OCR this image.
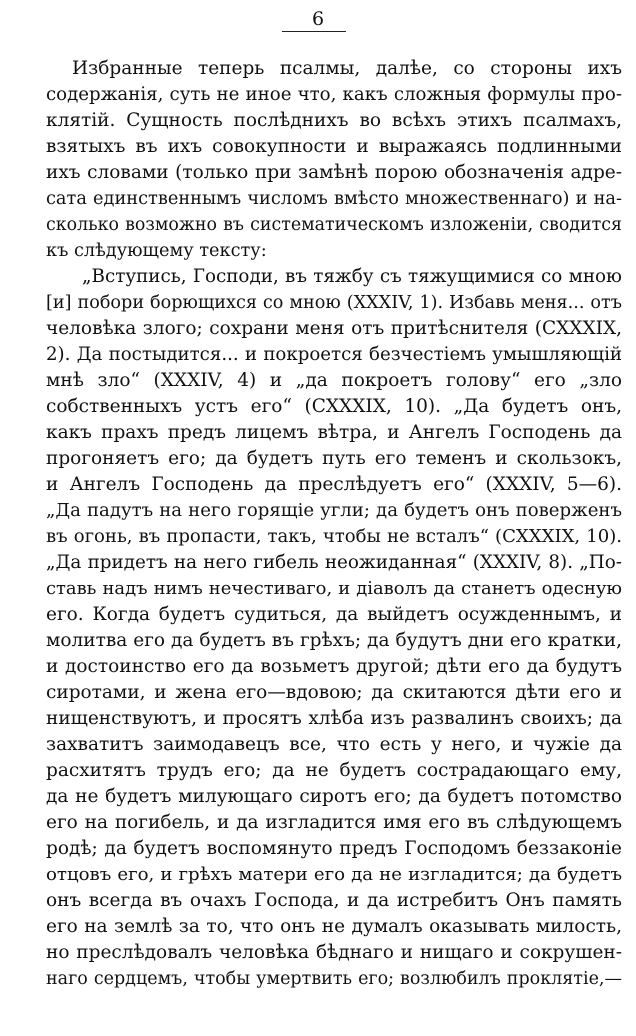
6
Избранные теперь псалмы, далѣе, со стороны ихъ
содержанія, суть не иное что, какъ сложныя формулы про-
клятій. Сущность послѣднихъ во всѣхъ этихъ псалмахъ,
взятыхъ въ ихъ совокупности и выражаясь подлинными
ихъ словами (только при замѣнѣ порою обозначенія адре-
сата единственнымъ числомъ вмѣсто множественнаго) и на-
сколько возможно въ систематическомъ изложеніи, сводится
къ слѣдующему тексту:
„Вступись, Господи, въ тяжбу съ тяжущимися со мною
[и] побори борющихся со мною (XXXIV, 1). Избавь меня... отъ
человѣка злого; сохрани меня отъ притѣснителя (CXXXIX,
2). Да постыдится... и покроется безчестіемъ умышляющій
мнѣ зло“ (XXXIV, 4) и „да покроетъ голову“ его „зло
собственныхъ устъ его“ (CXXXIX, 10). „Да будетъ онъ,
какъ прахъ предъ лицемъ вѣтра, и Ангелъ Господень да
прогоняетъ его; да будетъ путь его теменъ и скользокъ,
и Ангелъ Господень да преслѣдуетъ его“ (XXXIV, 5—6).
„Да падутъ на него горящіе угли; да будетъ онъ поверженъ
въ огонь, въ пропасти, такъ, чтобы не всталъ“ (CXXXIX, 10).
„Да придетъ на него гибель неожиданная“ (XXXIV, 8). „По-
ставь надъ нимъ нечестиваго, и діаволъ да станетъ одесную
его. Когда будетъ судиться, да выйдетъ осужденнымъ, и
молитва его да будетъ въ грѣхъ; да будутъ дни его кратки,
и достоинство его да возьметъ другой; дѣти его да будутъ
сиротами, и жена его—вдовою; да скитаются дѣти его и
нищенствуютъ, и просятъ хлѣба изъ развалинъ своихъ; да
захватитъ заимодавецъ все, что есть у него, и чужіе да
расхитятъ трудъ его; да не будетъ сострадающаго ему,
да не будетъ милующаго сиротъ его; да будетъ потомство
его на погибель, и да изгладится имя его въ слѣдующемъ
родѣ; да будетъ воспомянуто предъ Господомъ беззаконіе
отцовъ его, и грѣхъ матери его да не изгладится; да будетъ
онъ всегда въ очахъ Господа, и да истребитъ Онъ память
его на землѣ за то, что онъ не думалъ оказывать милость,
но преслѣдовалъ человѣка бѣднаго и нищаго и сокрушен-
наго сердцемъ, чтобы умертвить его; возлюбилъ проклятіе,—
